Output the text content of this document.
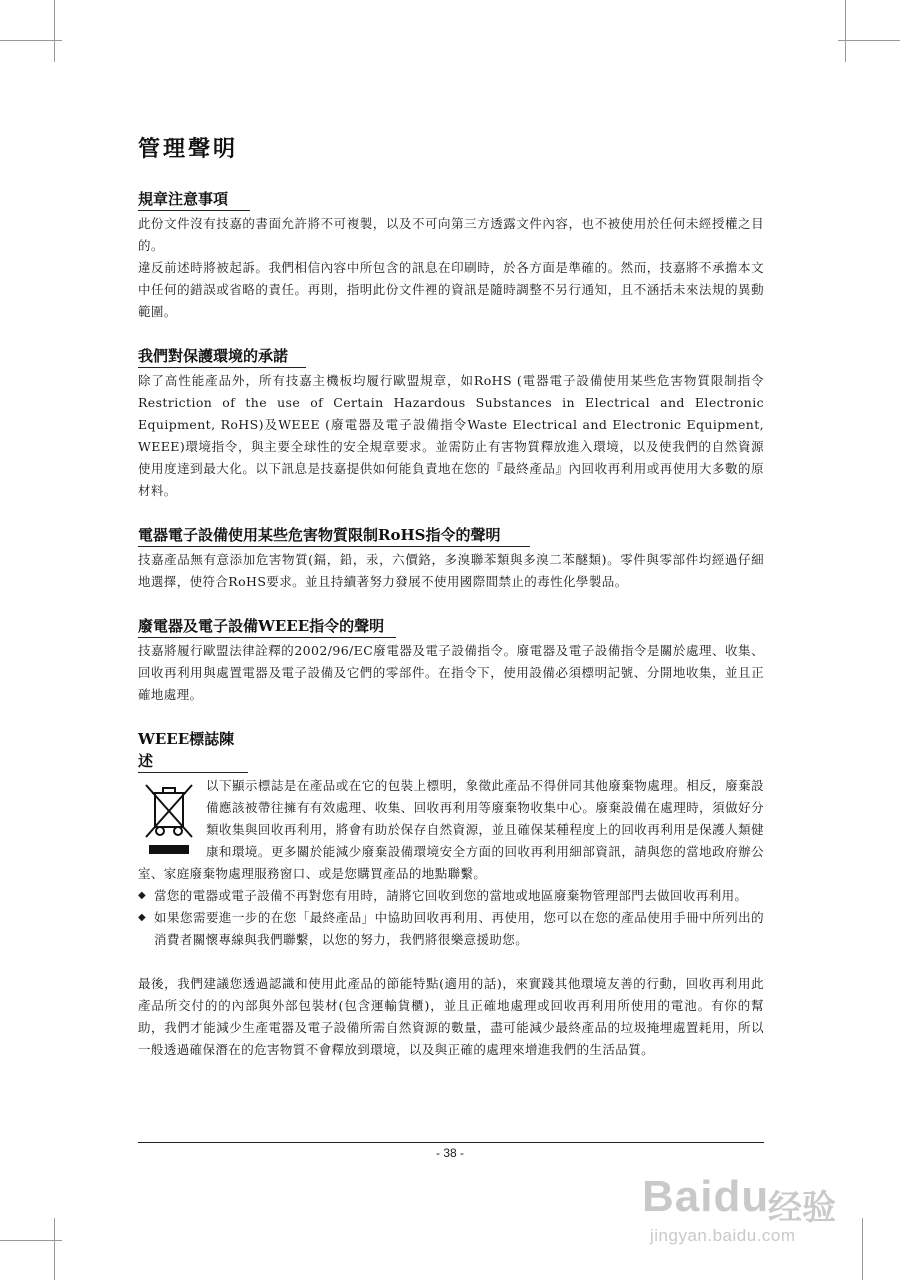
管理聲明
規章注意事項

此份文件沒有技嘉的書面允許將不可複製，以及不可向第三方透露文件內容，也不被使用於任何未經授權之目的。

違反前述時將被起訴。我們相信內容中所包含的訊息在印刷時，於各方面是準確的。然而，技嘉將不承擔本文中任何的錯誤或省略的責任。再則，指明此份文件裡的資訊是隨時調整不另行通知，且不涵括未來法規的異動範圍。

我們對保護環境的承諾

除了高性能產品外，所有技嘉主機板均履行歐盟規章，如RoHS (電器電子設備使用某些危害物質限制指令 Restriction of the use of Certain Hazardous Substances in Electrical and Electronic Equipment, RoHS)及WEEE (廢電器及電子設備指令Waste Electrical and Electronic Equipment, WEEE)環境指令，與主要全球性的安全規章要求。並需防止有害物質釋放進入環境，以及使我們的自然資源使用度達到最大化。以下訊息是技嘉提供如何能負責地在您的『最終產品』內回收再利用或再使用大多數的原材料。

電器電子設備使用某些危害物質限制RoHS指令的聲明

技嘉產品無有意添加危害物質(鎘，鉛，汞，六價鉻，多溴聯苯類與多溴二苯醚類)。零件與零部件均經過仔細地選擇，使符合RoHS要求。並且持續著努力發展不使用國際間禁止的毒性化學製品。

廢電器及電子設備WEEE指令的聲明

技嘉將履行歐盟法律詮釋的2002/96/EC廢電器及電子設備指令。廢電器及電子設備指令是關於處理、收集、回收再利用與處置電器及電子設備及它們的零部件。在指令下，使用設備必須標明記號、分開地收集，並且正確地處理。

WEEE標誌陳述

以下顯示標誌是在產品或在它的包裝上標明，象徵此產品不得併同其他廢棄物處理。相反，廢棄設備應該被帶往擁有有效處理、收集、回收再利用等廢棄物收集中心。廢棄設備在處理時，須做好分類收集與回收再利用，將會有助於保存自然資源，並且確保某種程度上的回收再利用是保護人類健康和環境。更多關於能減少廢棄設備環境安全方面的回收再利用細部資訊，請與您的當地政府辦公室、家庭廢棄物處理服務窗口、或是您購買產品的地點聯繫。

◆ 當您的電器或電子設備不再對您有用時，請將它回收到您的當地或地區廢棄物管理部門去做回收再利用。
◆ 如果您需要進一步的在您「最終產品」中協助回收再利用、再使用，您可以在您的產品使用手冊中所列出的消費者關懷專線與我們聯繫，以您的努力，我們將很樂意援助您。

最後，我們建議您透過認識和使用此產品的節能特點(適用的話)，來實踐其他環境友善的行動，回收再利用此產品所交付的的內部與外部包裝材(包含運輸貨櫃)，並且正確地處理或回收再利用所使用的電池。有你的幫助，我們才能減少生產電器及電子設備所需自然資源的數量，盡可能減少最終產品的垃圾掩埋處置耗用，所以一般透過確保潛在的危害物質不會釋放到環境，以及與正確的處理來增進我們的生活品質。

- 38 -
Baidu
经验
jingyan.baidu.com
